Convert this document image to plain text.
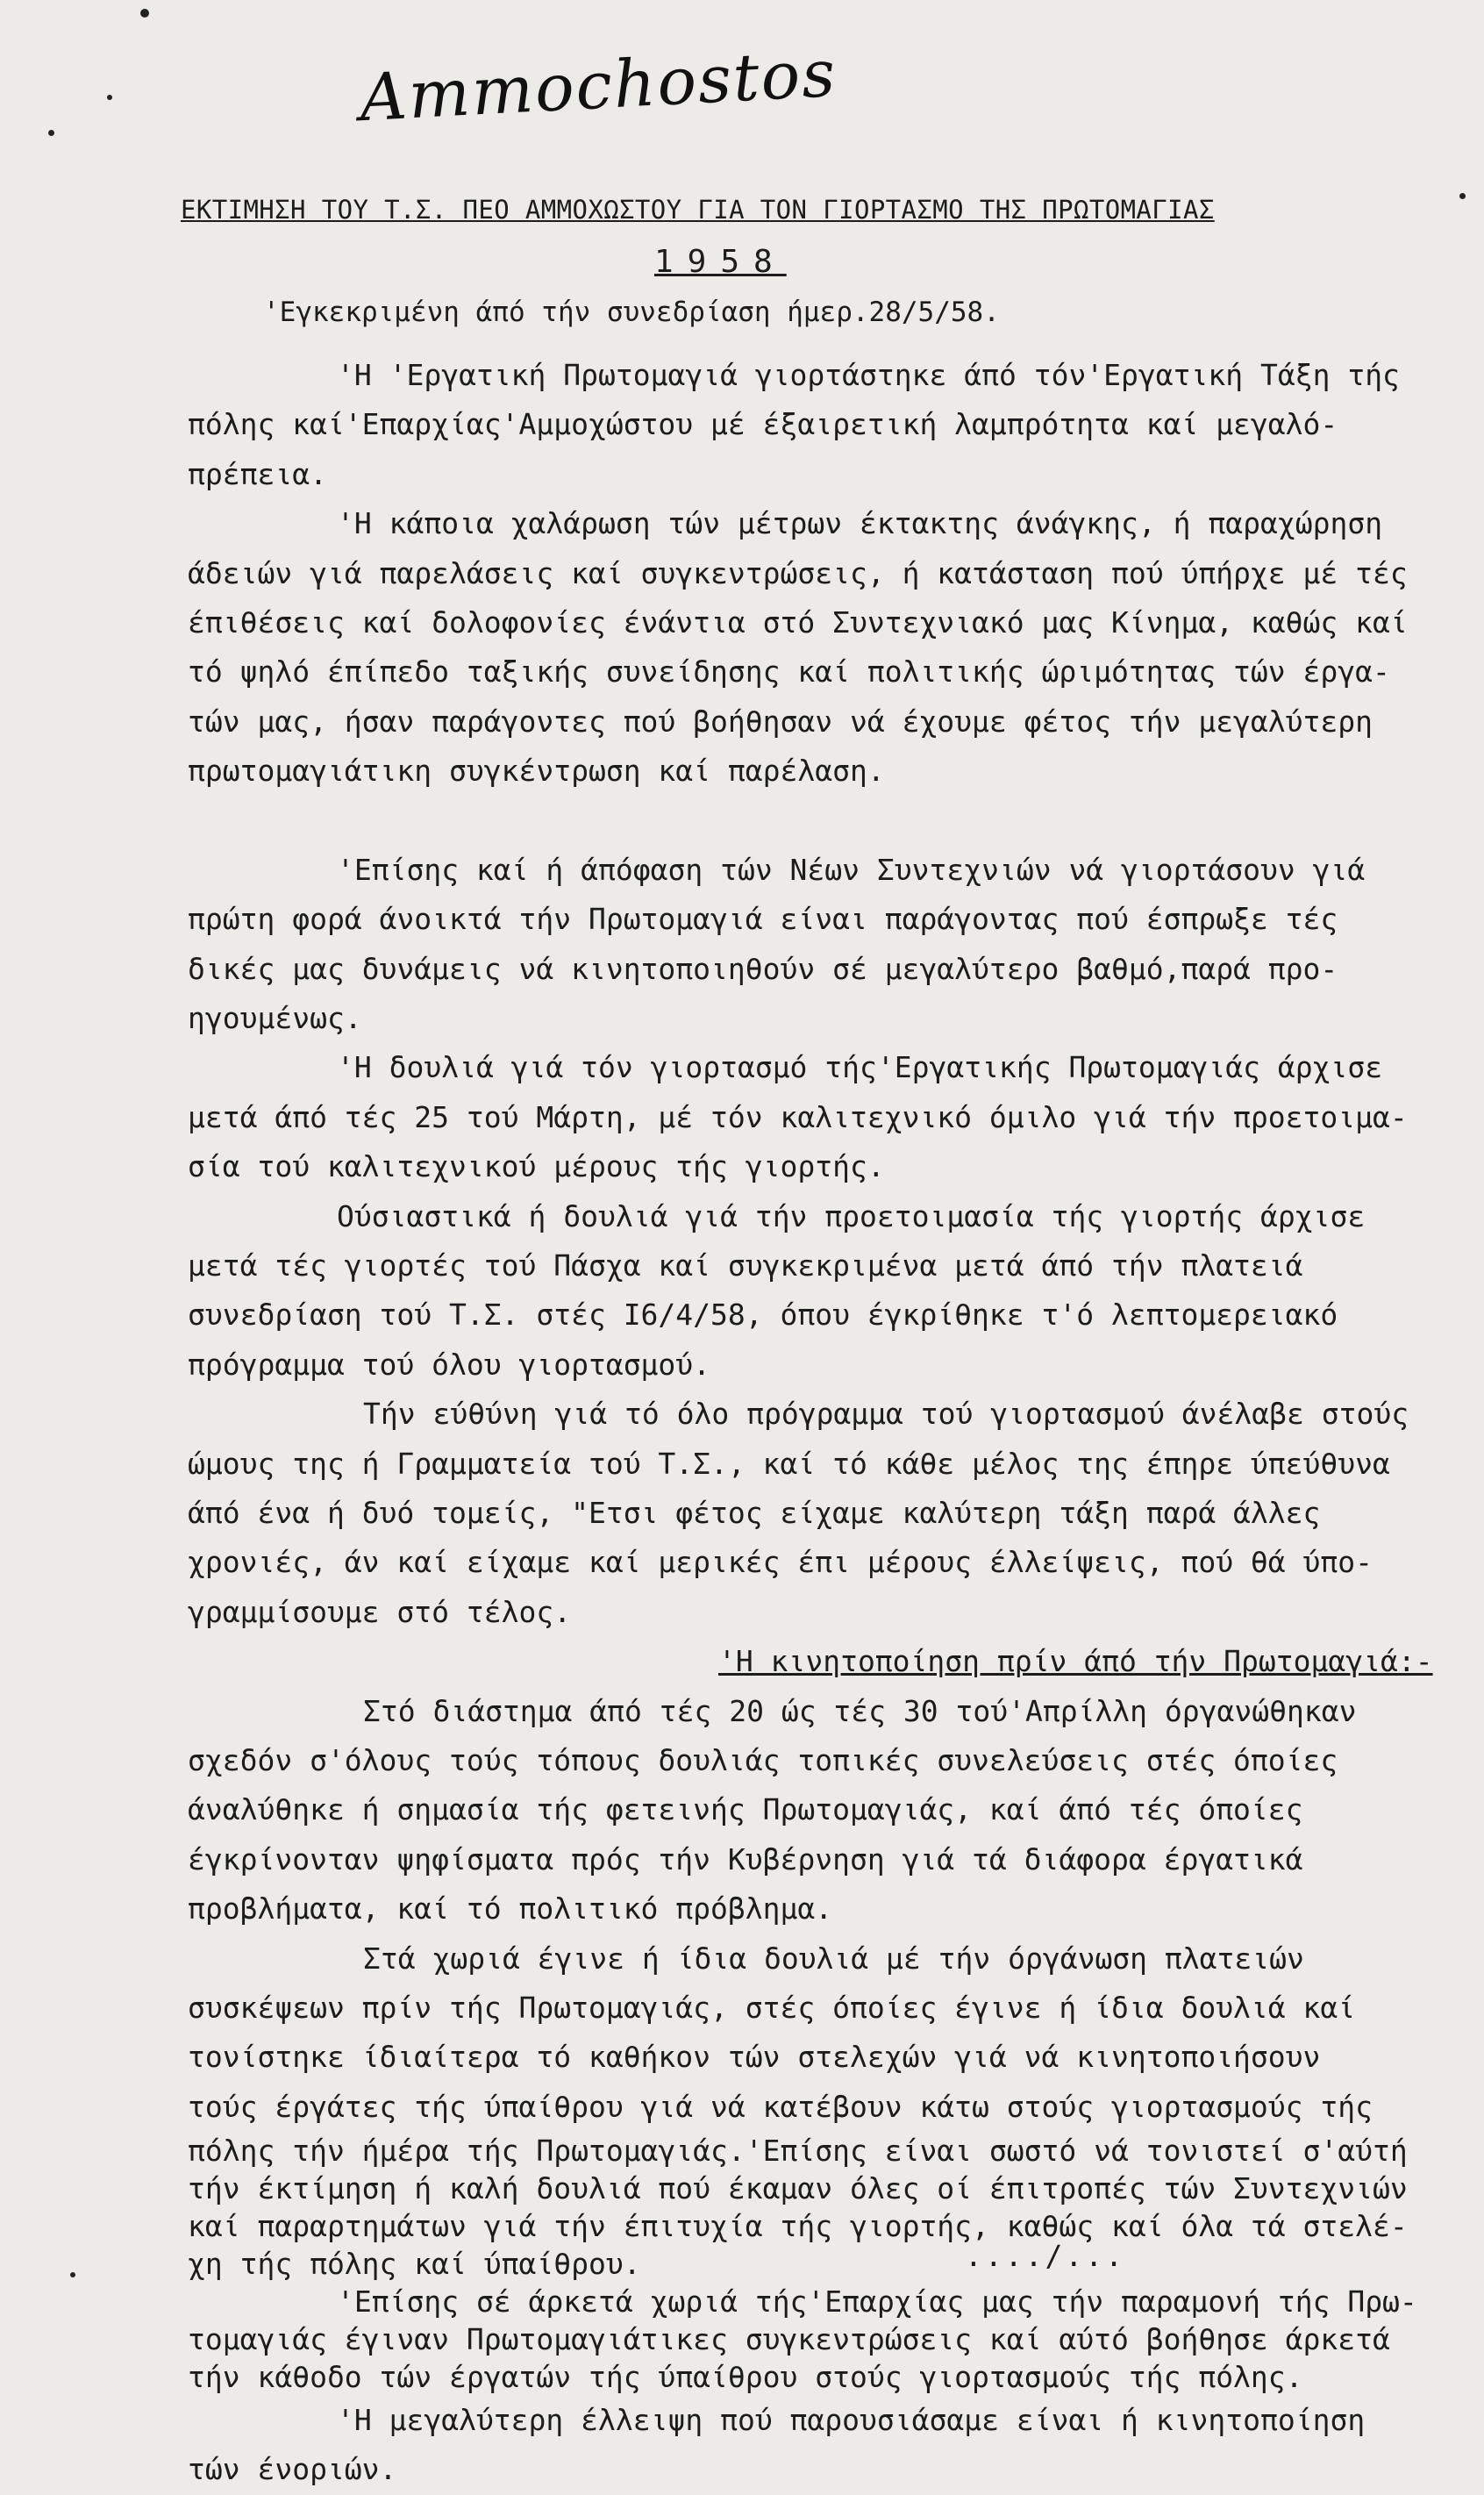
Ammochostos
ΕΚΤΙΜΗΣΗ ΤΟΥ Τ.Σ. ΠΕΟ ΑΜΜΟΧΩΣΤΟΥ ΓΙΑ ΤΟΝ ΓΙΟΡΤΑΣΜΟ ΤΗΣ ΠΡΩΤΟΜΑΓΙΑΣ
1958
'Εγκεκριμένη άπό τήν συνεδρίαση ήμερ.28/5/58.
'Η 'Εργατική Πρωτομαγιά γιορτάστηκε άπό τόν'Εργατική Τάξη τής
πόλης καί'Επαρχίας'Αμμοχώστου μέ έξαιρετική λαμπρότητα καί μεγαλό-
πρέπεια.
'Η κάποια χαλάρωση τών μέτρων έκτακτης άνάγκης, ή παραχώρηση
άδειών γιά παρελάσεις καί συγκεντρώσεις, ή κατάσταση πού ύπήρχε μέ τές
έπιθέσεις καί δολοφονίες ένάντια στό Συντεχνιακό μας Κίνημα, καθώς καί
τό ψηλό έπίπεδο ταξικής συνείδησης καί πολιτικής ώριμότητας τών έργα-
τών μας, ήσαν παράγοντες πού βοήθησαν νά έχουμε φέτος τήν μεγαλύτερη
πρωτομαγιάτικη συγκέντρωση καί παρέλαση.
'Επίσης καί ή άπόφαση τών Νέων Συντεχνιών νά γιορτάσουν γιά
πρώτη φορά άνοικτά τήν Πρωτομαγιά είναι παράγοντας πού έσπρωξε τές
δικές μας δυνάμεις νά κινητοποιηθούν σέ μεγαλύτερο βαθμό,παρά προ-
ηγουμένως.
'Η δουλιά γιά τόν γιορτασμό τής'Εργατικής Πρωτομαγιάς άρχισε
μετά άπό τές 25 τού Μάρτη, μέ τόν καλιτεχνικό όμιλο γιά τήν προετοιμα-
σία τού καλιτεχνικού μέρους τής γιορτής.
Ούσιαστικά ή δουλιά γιά τήν προετοιμασία τής γιορτής άρχισε
μετά τές γιορτές τού Πάσχα καί συγκεκριμένα μετά άπό τήν πλατειά
συνεδρίαση τού Τ.Σ. στές Ι6/4/58, όπου έγκρίθηκε τ'ό λεπτομερειακό
πρόγραμμα τού όλου γιορτασμού.
Τήν εύθύνη γιά τό όλο πρόγραμμα τού γιορτασμού άνέλαβε στούς
ώμους της ή Γραμματεία τού Τ.Σ., καί τό κάθε μέλος της έπηρε ύπεύθυνα
άπό ένα ή δυό τομείς, "Ετσι φέτος είχαμε καλύτερη τάξη παρά άλλες
χρονιές, άν καί είχαμε καί μερικές έπι μέρους έλλείψεις, πού θά ύπο-
γραμμίσουμε στό τέλος.
'Η κινητοποίηση πρίν άπό τήν Πρωτομαγιά:-
Στό διάστημα άπό τές 20 ώς τές 30 τού'Απρίλλη όργανώθηκαν
σχεδόν σ'όλους τούς τόπους δουλιάς τοπικές συνελεύσεις στές όποίες
άναλύθηκε ή σημασία τής φετεινής Πρωτομαγιάς, καί άπό τές όποίες
έγκρίνονταν ψηφίσματα πρός τήν Κυβέρνηση γιά τά διάφορα έργατικά
προβλήματα, καί τό πολιτικό πρόβλημα.
Στά χωριά έγινε ή ίδια δουλιά μέ τήν όργάνωση πλατειών
συσκέψεων πρίν τής Πρωτομαγιάς, στές όποίες έγινε ή ίδια δουλιά καί
τονίστηκε ίδιαίτερα τό καθήκον τών στελεχών γιά νά κινητοποιήσουν
τούς έργάτες τής ύπαίθρου γιά νά κατέβουν κάτω στούς γιορτασμούς τής
πόλης τήν ήμέρα τής Πρωτομαγιάς.'Επίσης είναι σωστό νά τονιστεί σ'αύτή
τήν έκτίμηση ή καλή δουλιά πού έκαμαν όλες οί έπιτροπές τών Συντεχνιών
καί παραρτημάτων γιά τήν έπιτυχία τής γιορτής, καθώς καί όλα τά στελέ-
χη τής πόλης καί ύπαίθρου.
'Επίσης σέ άρκετά χωριά τής'Επαρχίας μας τήν παραμονή τής Πρω-
τομαγιάς έγιναν Πρωτομαγιάτικες συγκεντρώσεις καί αύτό βοήθησε άρκετά
τήν κάθοδο τών έργατών τής ύπαίθρου στούς γιορτασμούς τής πόλης.
'Η μεγαλύτερη έλλειψη πού παρουσιάσαμε είναι ή κινητοποίηση
τών ένοριών.
..../...
